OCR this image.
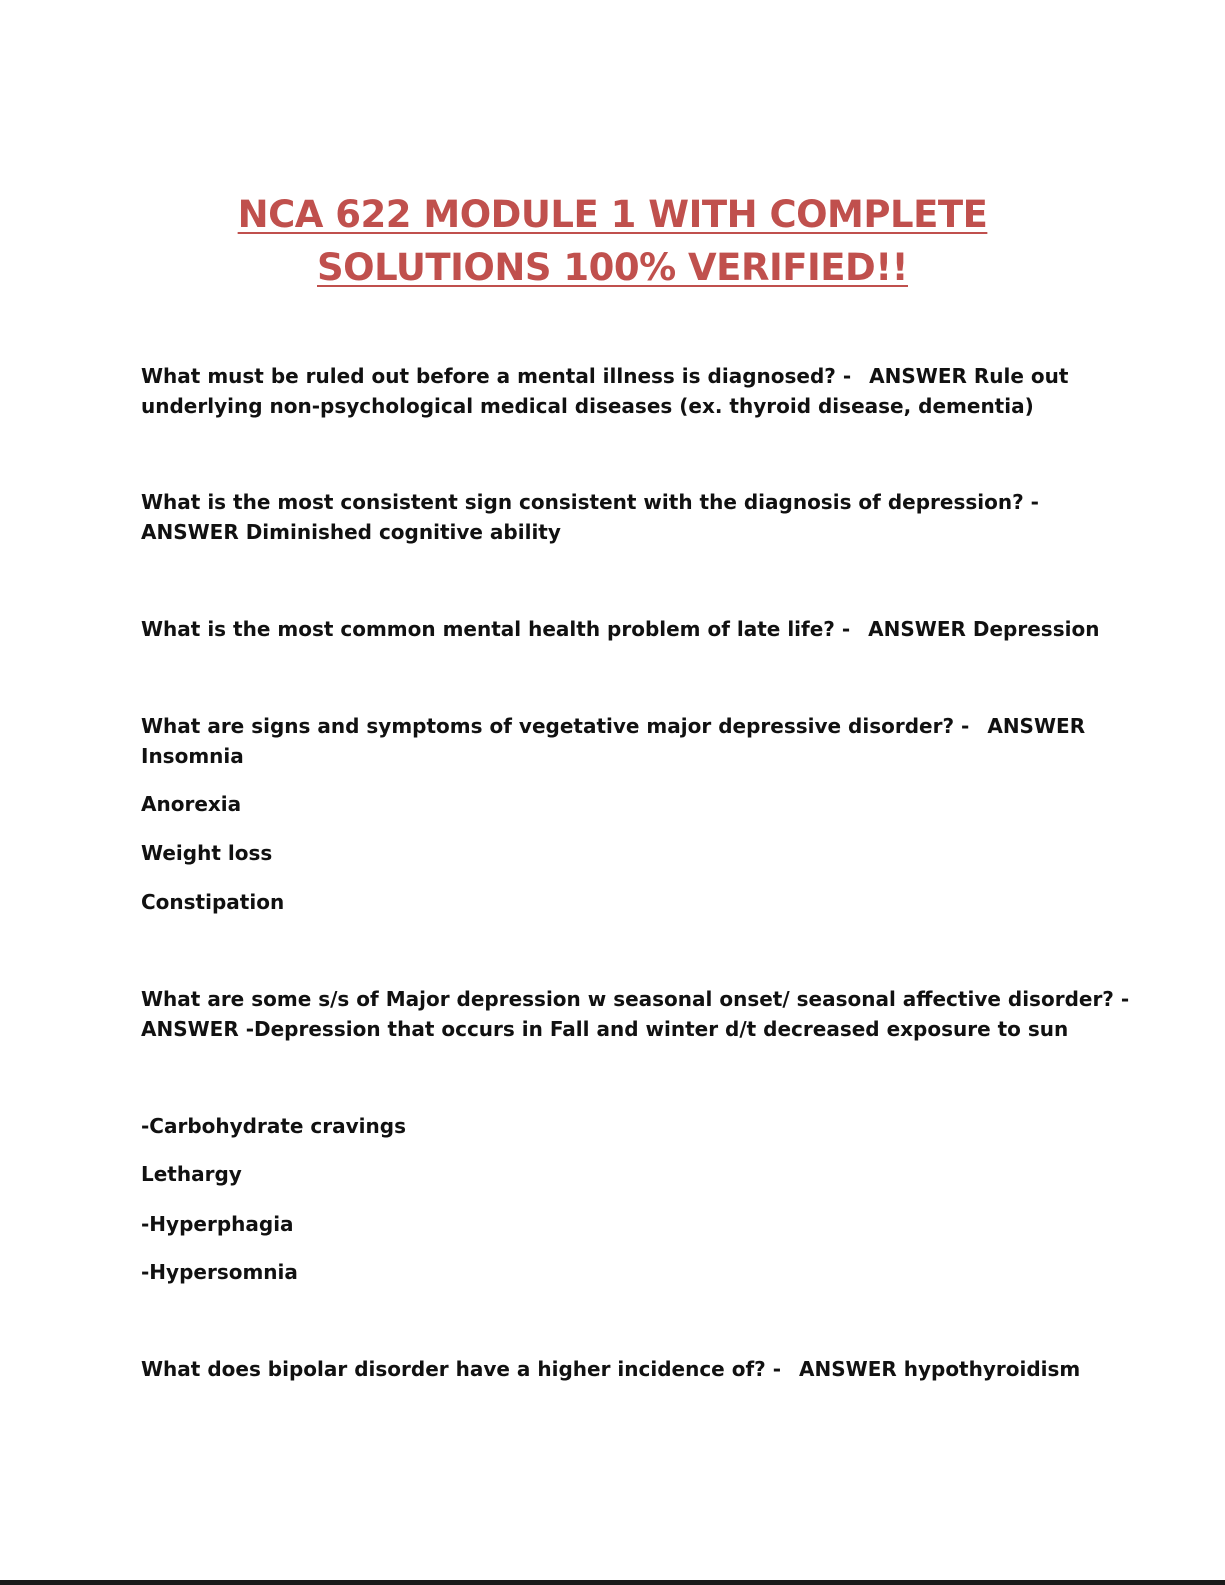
NCA 622 MODULE 1 WITH COMPLETE
SOLUTIONS 100% VERIFIED!!
What must be ruled out before a mental illness is diagnosed? - ANSWER Rule out
underlying non-psychological medical diseases (ex. thyroid disease, dementia)
What is the most consistent sign consistent with the diagnosis of depression? -
ANSWER Diminished cognitive ability
What is the most common mental health problem of late life? - ANSWER Depression
What are signs and symptoms of vegetative major depressive disorder? - ANSWER
Insomnia
Anorexia
Weight loss
Constipation
What are some s/s of Major depression w seasonal onset/ seasonal affective disorder? -
ANSWER -Depression that occurs in Fall and winter d/t decreased exposure to sun
-Carbohydrate cravings
Lethargy
-Hyperphagia
-Hypersomnia
What does bipolar disorder have a higher incidence of? - ANSWER hypothyroidism
